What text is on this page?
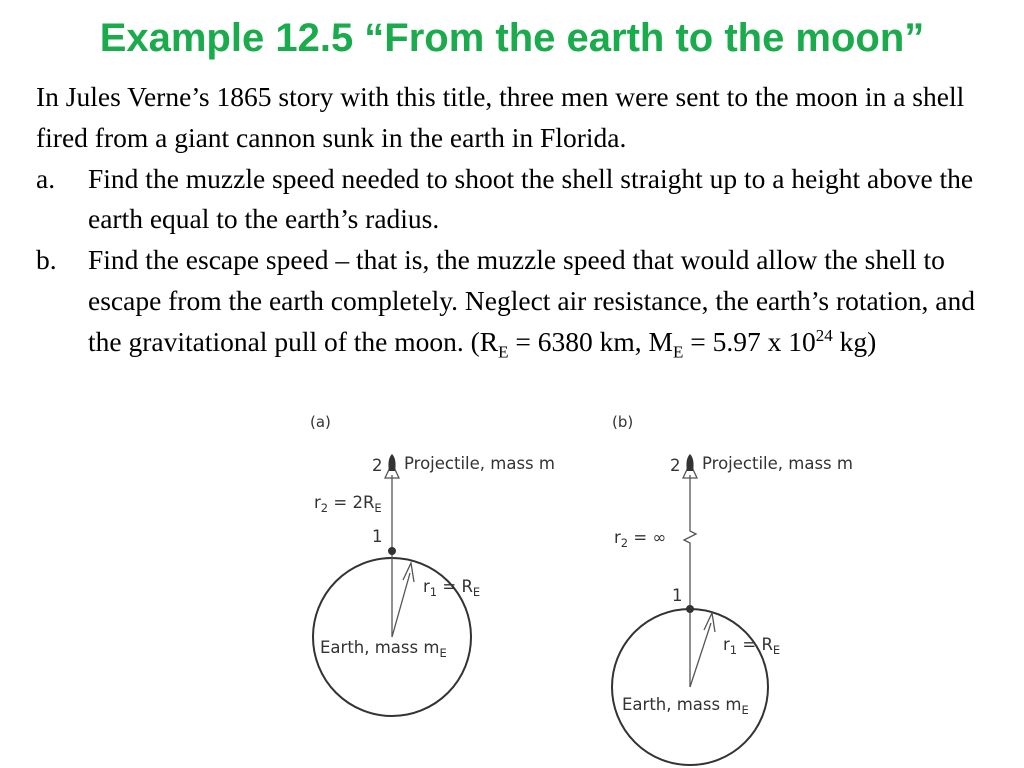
Example 12.5 “From the earth to the moon”

In Jules Verne’s 1865 story with this title, three men were sent to the moon in a shell fired from a giant cannon sunk in the earth in Florida.

a. Find the muzzle speed needed to shoot the shell straight up to a height above the earth equal to the earth’s radius.
b. Find the escape speed – that is, the muzzle speed that would allow the shell to escape from the earth completely. Neglect air resistance, the earth’s rotation, and the gravitational pull of the moon. ($R_E = 6380$ km, $M_E = 5.97$ x $10^{24}$ kg)
(a)
2 Projectile, mass m
$r_2 = 2R_E$
1
$r_1 = R_E$
Earth, mass $m_E$
(b)
2 Projectile, mass m
$r_2$ = ∞
1
$r_1 = R_E$
Earth, mass $m_E$
